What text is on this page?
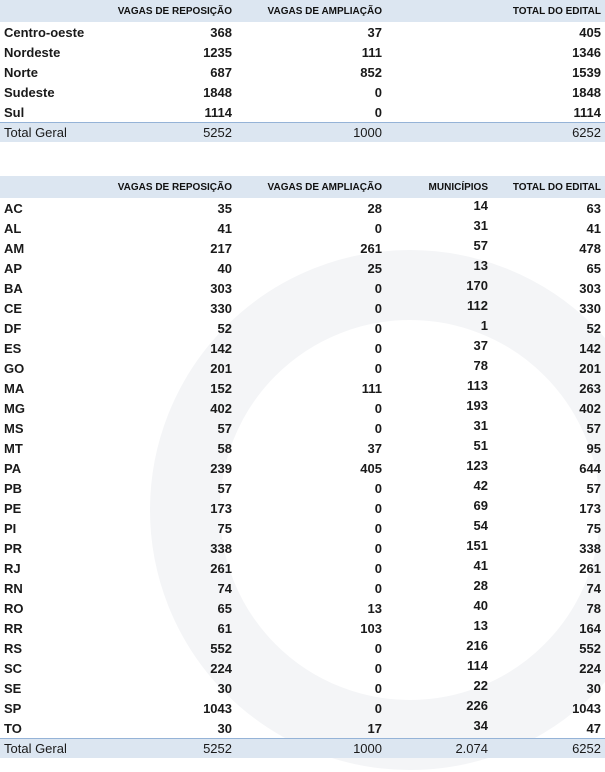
	VAGAS DE REPOSIÇÃO	VAGAS DE AMPLIAÇÃO	TOTAL DO EDITAL
Centro-oeste	368	37	405
Nordeste	1235	111	1346
Norte	687	852	1539
Sudeste	1848	0	1848
Sul	1114	0	1114
Total Geral	5252	1000	6252
	VAGAS DE REPOSIÇÃO	VAGAS DE AMPLIAÇÃO	MUNICÍPIOS	TOTAL DO EDITAL
AC	35	28	14	63
AL	41	0	31	41
AM	217	261	57	478
AP	40	25	13	65
BA	303	0	170	303
CE	330	0	112	330
DF	52	0	1	52
ES	142	0	37	142
GO	201	0	78	201
MA	152	111	113	263
MG	402	0	193	402
MS	57	0	31	57
MT	58	37	51	95
PA	239	405	123	644
PB	57	0	42	57
PE	173	0	69	173
PI	75	0	54	75
PR	338	0	151	338
RJ	261	0	41	261
RN	74	0	28	74
RO	65	13	40	78
RR	61	103	13	164
RS	552	0	216	552
SC	224	0	114	224
SE	30	0	22	30
SP	1043	0	226	1043
TO	30	17	34	47
Total Geral	5252	1000	2.074	6252
